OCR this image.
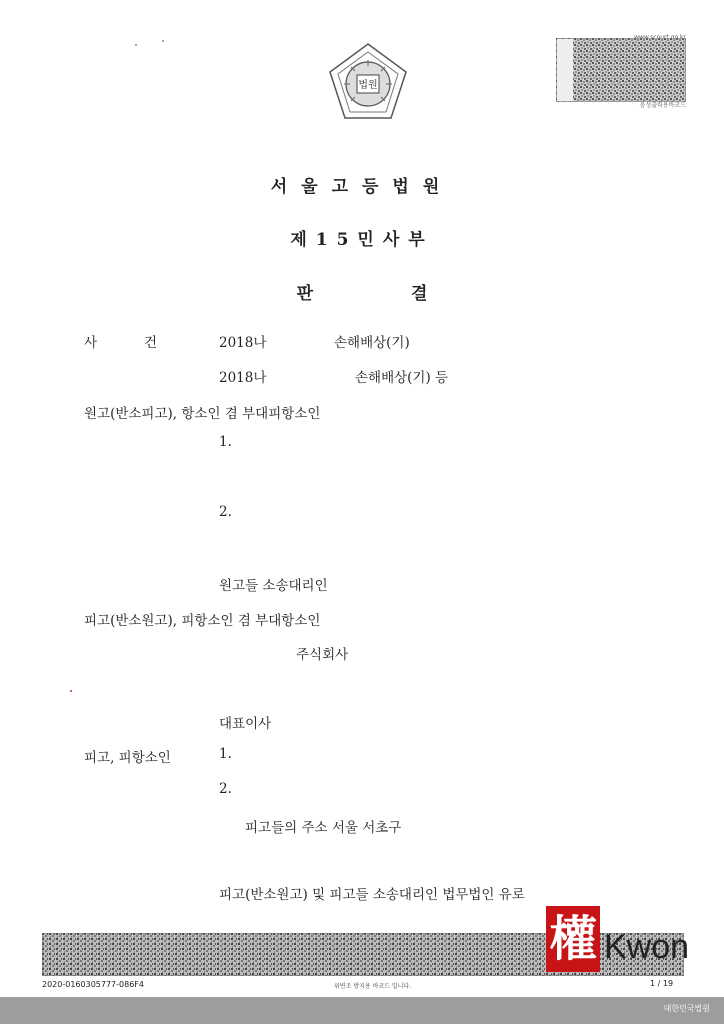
법원
음성출력용바코드
서울고등법원
제15민사부
판	결
사	건	2018나	손해배상(기)
2018나	손해배상(기) 등
원고(반소피고), 항소인 겸 부대피항소인
1.
2.
원고들 소송대리인
피고(반소원고), 피항소인 겸 부대항소인
주식회사
대표이사
피고, 피항소인	1.
2.
피고들의 주소 서울 서초구
피고(반소원고) 및 피고들 소송대리인 법무법인 유로
權 Kwon
2020-0160305777-086F4	위변조 방지용 바코드 입니다.	1 / 19
대한민국법원
